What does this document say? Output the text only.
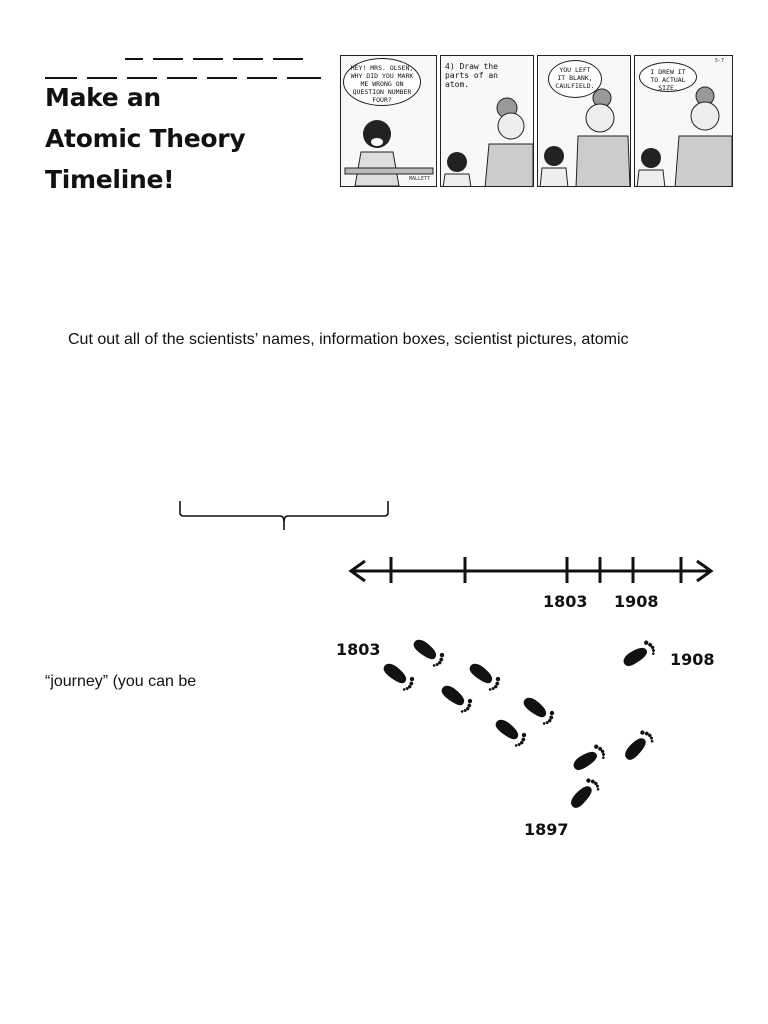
Make an
Atomic Theory
Timeline!
HEY! MRS. OLSEN, WHY DID YOU MARK ME WRONG ON QUESTION NUMBER FOUR?
MALLETT
4) Draw the parts of an atom.
YOU LEFT IT BLANK, CAULFIELD.
5-7
I DREW IT TO ACTUAL SIZE.
Cut out all of the scientists’ names, information boxes, scientist pictures, atomic
1803 1908
“journey” (you can be
1803
1908
1897
